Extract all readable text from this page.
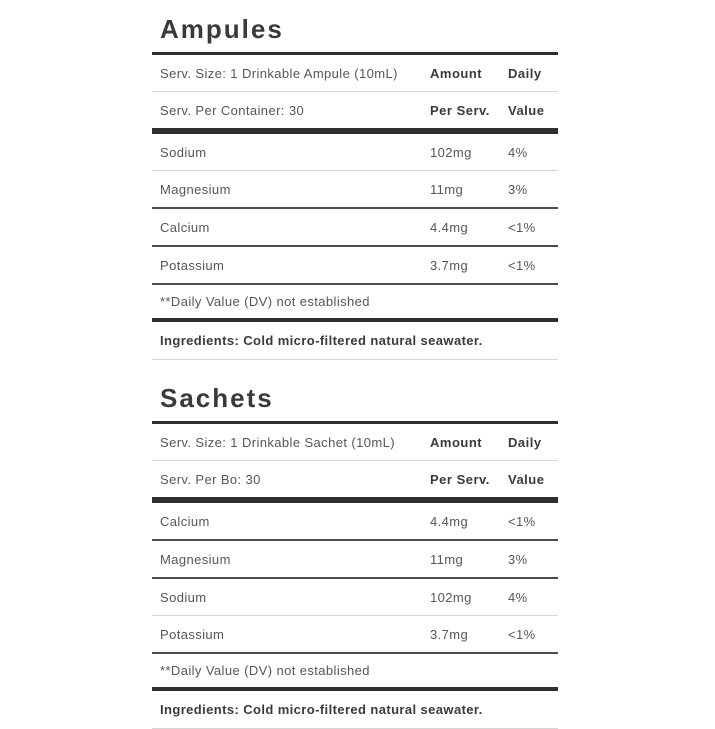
Ampules
Serv. Size: 1 Drinkable Ampule (10mL)	Amount	Daily
Serv. Per Container: 30	Per Serv.	Value
Sodium	102mg	4%
Magnesium	11mg	3%
Calcium	4.4mg	<1%
Potassium	3.7mg	<1%
**Daily Value (DV) not established
Ingredients: Cold micro-filtered natural seawater.
Sachets
Serv. Size: 1 Drinkable Sachet (10mL)	Amount	Daily
Serv. Per Bo: 30	Per Serv.	Value
Calcium	4.4mg	<1%
Magnesium	11mg	3%
Sodium	102mg	4%
Potassium	3.7mg	<1%
**Daily Value (DV) not established
Ingredients: Cold micro-filtered natural seawater.
